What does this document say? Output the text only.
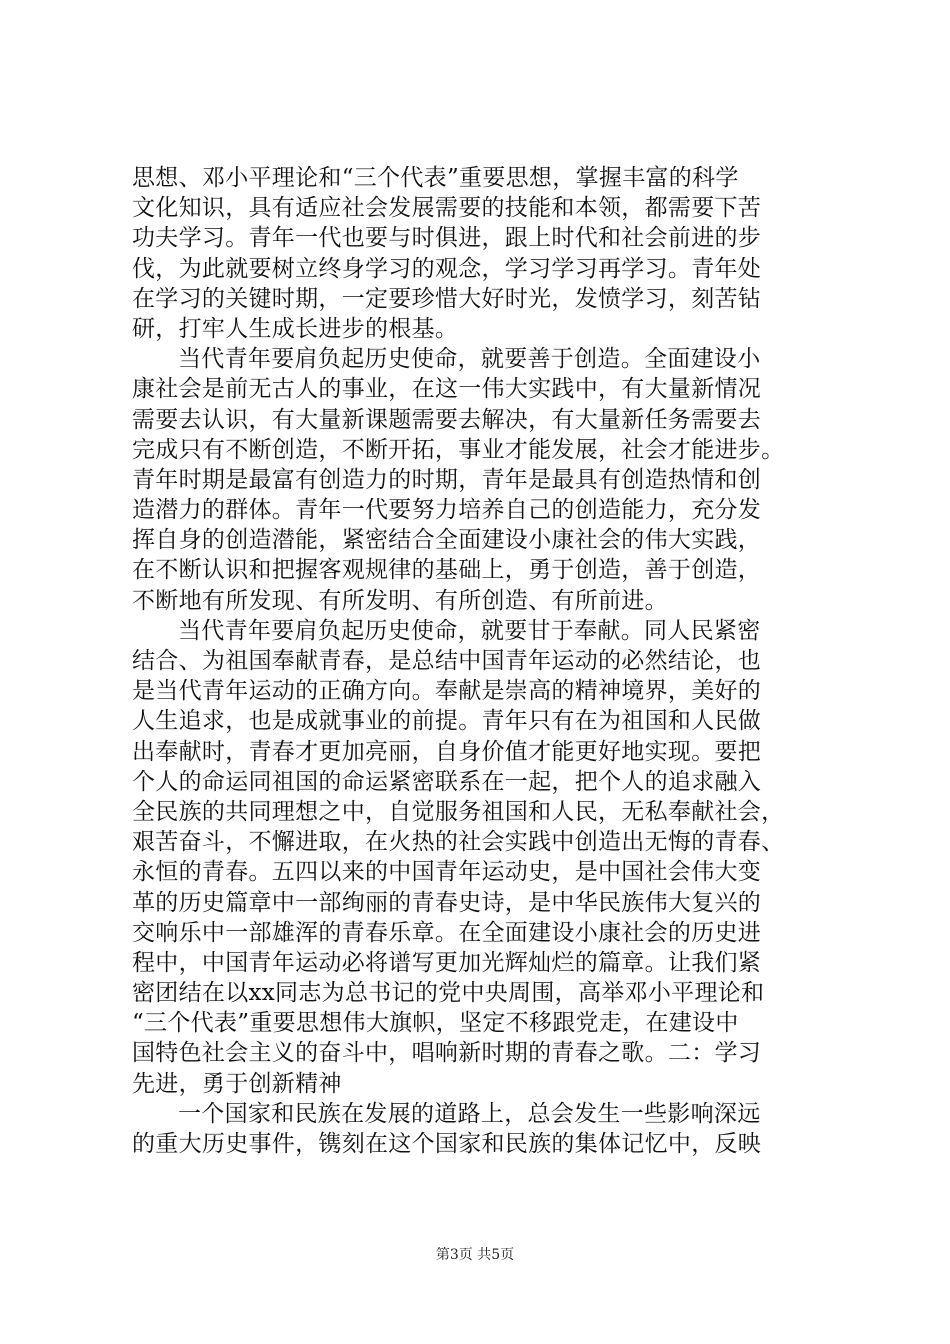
思想、邓小平理论和“三个代表”重要思想，掌握丰富的科学
文化知识，具有适应社会发展需要的技能和本领，都需要下苦
功夫学习。青年一代也要与时俱进，跟上时代和社会前进的步
伐，为此就要树立终身学习的观念，学习学习再学习。青年处
在学习的关键时期，一定要珍惜大好时光，发愤学习，刻苦钻
研，打牢人生成长进步的根基。
当代青年要肩负起历史使命，就要善于创造。全面建设小
康社会是前无古人的事业，在这一伟大实践中，有大量新情况
需要去认识，有大量新课题需要去解决，有大量新任务需要去
完成只有不断创造，不断开拓，事业才能发展，社会才能进步。
青年时期是最富有创造力的时期，青年是最具有创造热情和创
造潜力的群体。青年一代要努力培养自己的创造能力，充分发
挥自身的创造潜能，紧密结合全面建设小康社会的伟大实践，
在不断认识和把握客观规律的基础上，勇于创造，善于创造，
不断地有所发现、有所发明、有所创造、有所前进。
当代青年要肩负起历史使命，就要甘于奉献。同人民紧密
结合、为祖国奉献青春，是总结中国青年运动的必然结论，也
是当代青年运动的正确方向。奉献是崇高的精神境界，美好的
人生追求，也是成就事业的前提。青年只有在为祖国和人民做
出奉献时，青春才更加亮丽，自身价值才能更好地实现。要把
个人的命运同祖国的命运紧密联系在一起，把个人的追求融入
全民族的共同理想之中，自觉服务祖国和人民，无私奉献社会，
艰苦奋斗，不懈进取，在火热的社会实践中创造出无悔的青春、
永恒的青春。五四以来的中国青年运动史，是中国社会伟大变
革的历史篇章中一部绚丽的青春史诗，是中华民族伟大复兴的
交响乐中一部雄浑的青春乐章。在全面建设小康社会的历史进
程中，中国青年运动必将谱写更加光辉灿烂的篇章。让我们紧
密团结在以xx同志为总书记的党中央周围，高举邓小平理论和
“三个代表”重要思想伟大旗帜，坚定不移跟党走，在建设中
国特色社会主义的奋斗中，唱响新时期的青春之歌。二：学习
先进，勇于创新精神
一个国家和民族在发展的道路上，总会发生一些影响深远
的重大历史事件，镌刻在这个国家和民族的集体记忆中，反映
第3页 共5页
